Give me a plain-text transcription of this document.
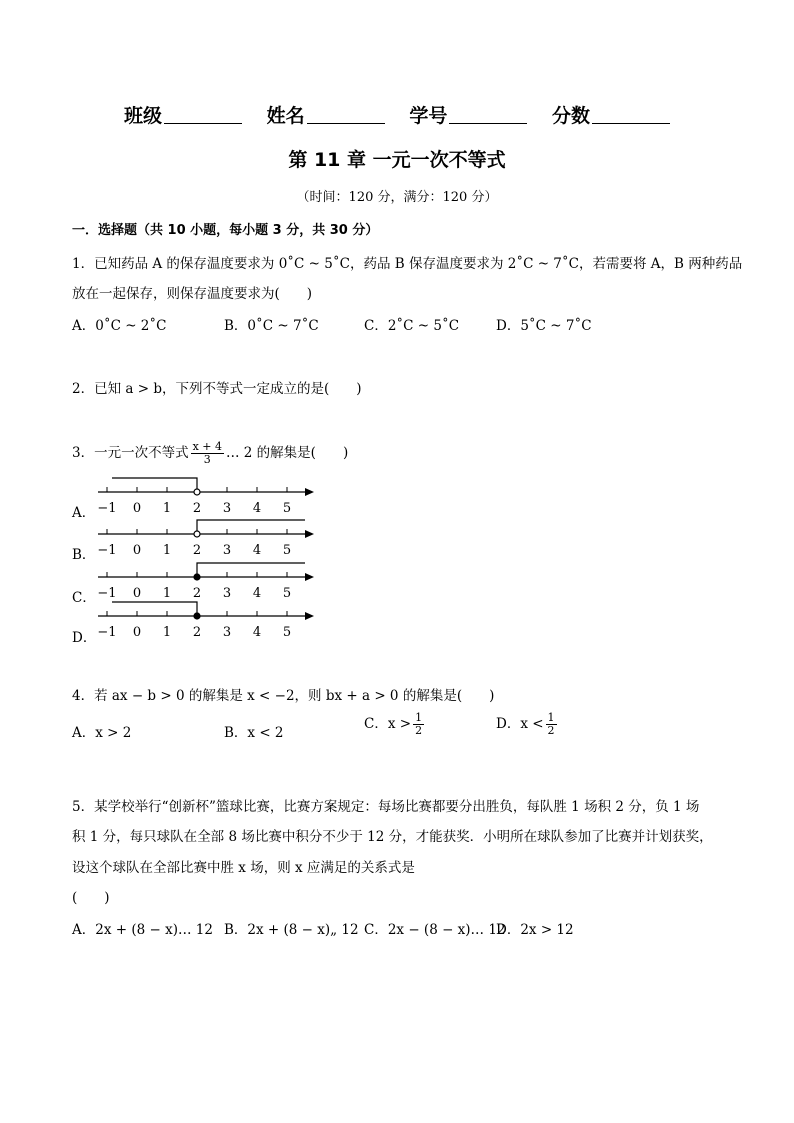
班级	姓名	学号	分数
第 11 章 一元一次不等式
（时间：120 分，满分：120 分）
一．选择题（共 10 小题，每小题 3 分，共 30 分）
1．已知药品 A 的保存温度要求为 0˚C ~ 5˚C，药品 B 保存温度要求为 2˚C ~ 7˚C，若需要将 A，B 两种药品
放在一起保存，则保存温度要求为(　　)
A．0˚C ~ 2˚C	B．0˚C ~ 7˚C	C．2˚C ~ 5˚C	D．5˚C ~ 7˚C
2．已知 a > b，下列不等式一定成立的是(　　)
3．一元一次不等式 $\frac{x + 4}{3}$ … 2 的解集是(　　)
A．
B．
C．
D．
−1 0 1 2 3 4 5
−1 0 1 2 3 4 5
−1 0 1 2 3 4 5
−1 0 1 2 3 4 5
4．若 ax − b > 0 的解集是 x < −2，则 bx + a > 0 的解集是(　　)
A．x > 2	B．x < 2
C．$x > \frac{1}{2}$	D．$x < \frac{1}{2}$
5．某学校举行“创新杯”篮球比赛，比赛方案规定：每场比赛都要分出胜负，每队胜 1 场积 2 分，负 1 场
积 1 分，每只球队在全部 8 场比赛中积分不少于 12 分，才能获奖．小明所在球队参加了比赛并计划获奖，
设这个球队在全部比赛中胜 x 场，则 x 应满足的关系式是
(　　)
A．2x + (8 − x)… 12 B．2x + (8 − x)„ 12 C．2x − (8 − x)… 12
D．2x > 12
